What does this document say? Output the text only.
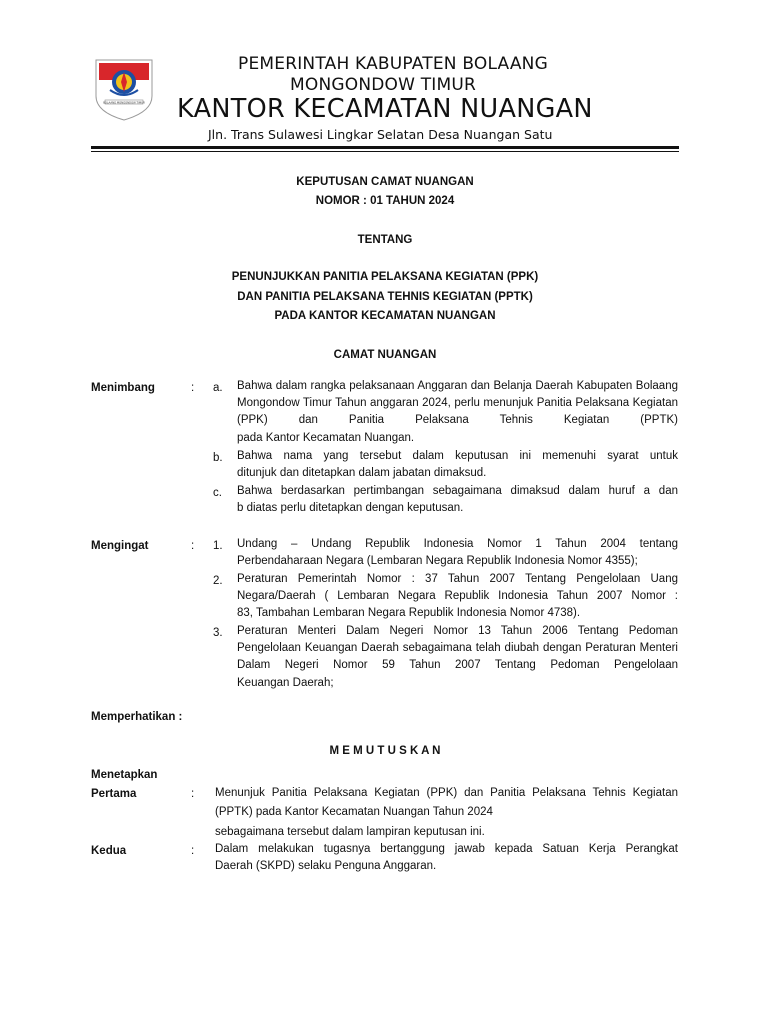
BOLAANG MONGONDOW TIMUR
PEMERINTAH KABUPATEN BOLAANG
MONGONDOW TIMUR
KANTOR KECAMATAN NUANGAN
Jln. Trans Sulawesi Lingkar Selatan Desa Nuangan Satu
KEPUTUSAN CAMAT NUANGAN
NOMOR : 01 TAHUN 2024
TENTANG
PENUNJUKKAN PANITIA PELAKSANA KEGIATAN (PPK)
DAN PANITIA PELAKSANA TEHNIS KEGIATAN (PPTK)
PADA KANTOR KECAMATAN NUANGAN
CAMAT NUANGAN
Menimbang	: a. Bahwa dalam rangka pelaksanaan Anggaran dan Belanja Daerah Kabupaten Bolaang Mongondow Timur Tahun anggaran 2024, perlu menunjuk Panitia Pelaksana Kegiatan (PPK) dan Panitia Pelaksana Tehnis Kegiatan (PPTK)
pada Kantor Kecamatan Nuangan.
b. Bahwa nama yang tersebut dalam keputusan ini memenuhi syarat untuk
ditunjuk dan ditetapkan dalam jabatan dimaksud.
c. Bahwa berdasarkan pertimbangan sebagaimana dimaksud dalam huruf a dan
b diatas perlu ditetapkan dengan keputusan.
Mengingat	: 1. Undang – Undang Republik Indonesia Nomor 1 Tahun 2004 tentang
Perbendaharaan Negara (Lembaran Negara Republik Indonesia Nomor 4355);
2. Peraturan Pemerintah Nomor : 37 Tahun 2007 Tentang Pengelolaan Uang Negara/Daerah ( Lembaran Negara Republik Indonesia Tahun 2007 Nomor :
83, Tambahan Lembaran Negara Republik Indonesia Nomor 4738).
3. Peraturan Menteri Dalam Negeri Nomor 13 Tahun 2006 Tentang Pedoman Pengelolaan Keuangan Daerah sebagaimana telah diubah dengan Peraturan Menteri Dalam Negeri Nomor 59 Tahun 2007 Tentang Pedoman Pengelolaan
Keuangan Daerah;
Memperhatikan :
M E M U T U S K A N
Menetapkan
Pertama	: Menunjuk Panitia Pelaksana Kegiatan (PPK) dan Panitia Pelaksana Tehnis Kegiatan (PPTK) pada Kantor Kecamatan Nuangan Tahun 2024
sebagaimana tersebut dalam lampiran keputusan ini.
Kedua	: Dalam melakukan tugasnya bertanggung jawab kepada Satuan Kerja Perangkat
Daerah (SKPD) selaku Penguna Anggaran.
